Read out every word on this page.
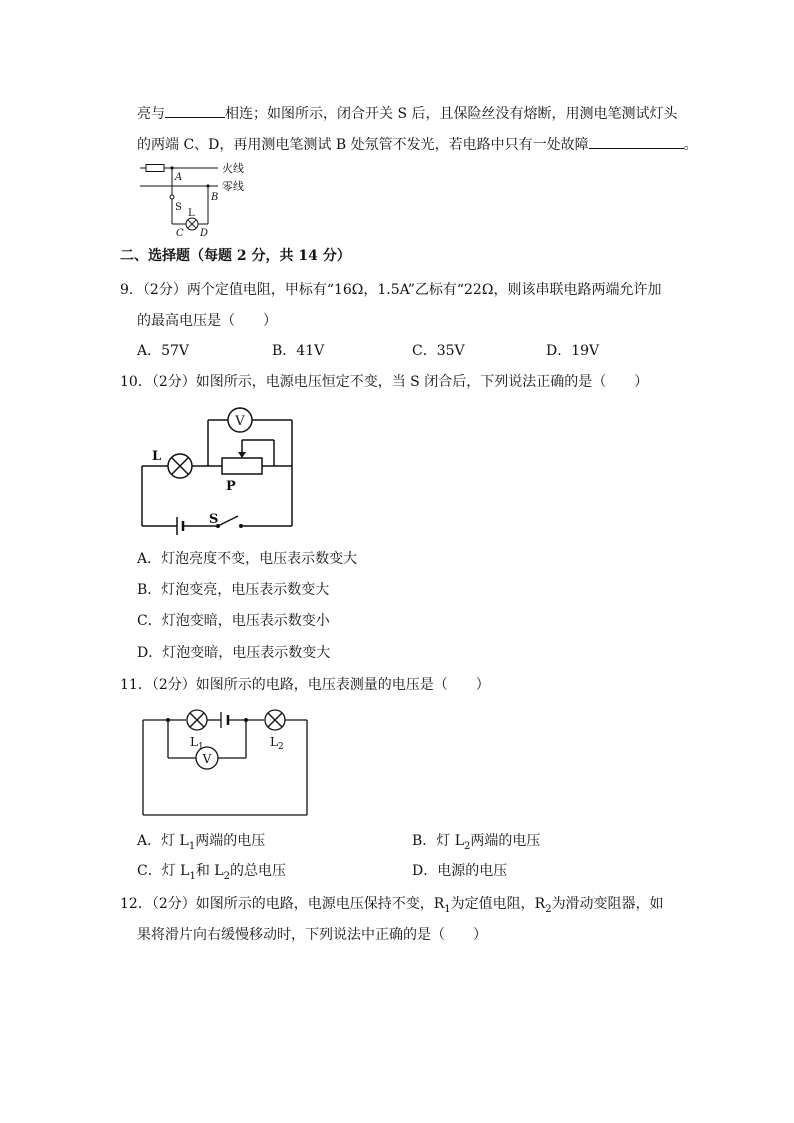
亮与	相连；如图所示，闭合开关 S 后，且保险丝没有熔断，用测电笔测试灯头
的两端 C、D，再用测电笔测试 B 处氖管不发光，若电路中只有一处故障	。
火线
零线
A
B
S
L
C D
二、选择题（每题 2 分，共 14 分）
9．（2分）两个定值电阻，甲标有“16Ω，1.5A”乙标有“22Ω，则该串联电路两端允许加
的最高电压是（　　）
A．57V	B．41V	C．35V	D．19V
10．（2分）如图所示，电源电压恒定不变，当 S 闭合后，下列说法正确的是（　　）
V
L
P
S
A．灯泡亮度不变，电压表示数变大
B．灯泡变亮，电压表示数变大
C．灯泡变暗，电压表示数变小
D．灯泡变暗，电压表示数变大
11．（2分）如图所示的电路，电压表测量的电压是（　　）
V
$L_1$	$L_2$
A．灯 $L_1$两端的电压	B．灯 $L_2$两端的电压
C．灯 $L_1$和 $L_2$的总电压	D．电源的电压
12．（2分）如图所示的电路，电源电压保持不变，$R_1$为定值电阻，$R_2$为滑动变阻器，如
果将滑片向右缓慢移动时，下列说法中正确的是（　　）
